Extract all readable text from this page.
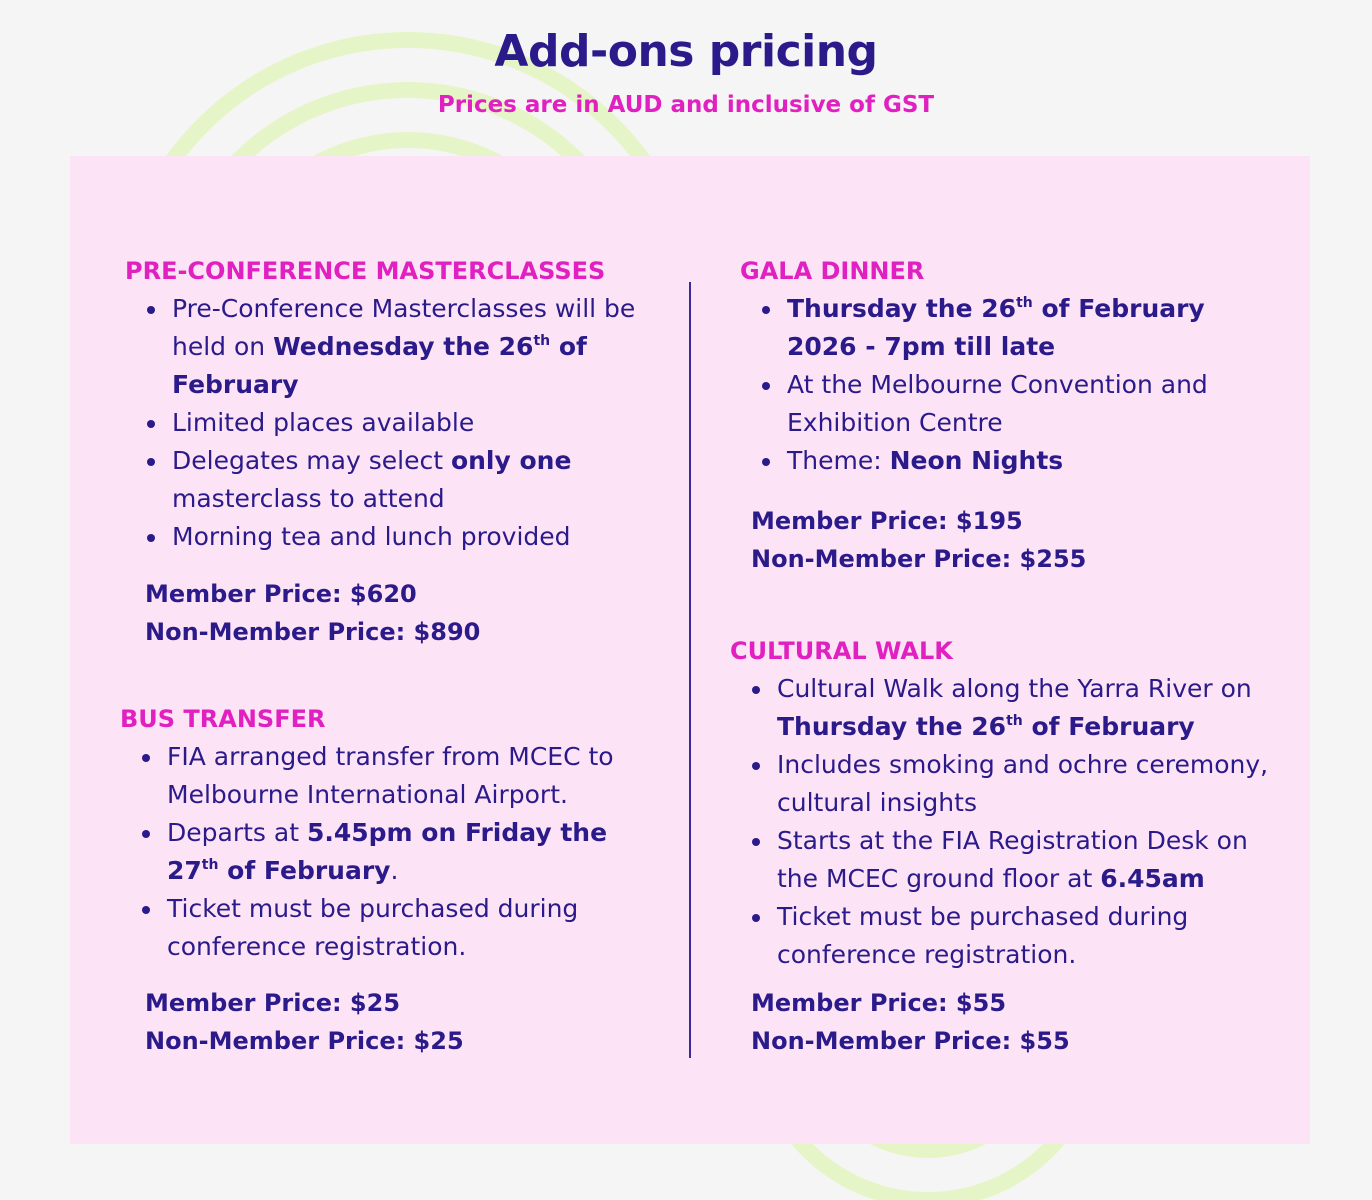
Add-ons pricing
Prices are in AUD and inclusive of GST
PRE-CONFERENCE MASTERCLASSES
Pre-Conference Masterclasses will be held on Wednesday the 26th of February
Limited places available
Delegates may select only one masterclass to attend
Morning tea and lunch provided
Member Price: $620
Non-Member Price: $890
BUS TRANSFER
FIA arranged transfer from MCEC to Melbourne International Airport.
Departs at 5.45pm on Friday the 27th of February.
Ticket must be purchased during conference registration.
Member Price: $25
Non-Member Price: $25
GALA DINNER
Thursday the 26th of February 2026 - 7pm till late
At the Melbourne Convention and Exhibition Centre
Theme: Neon Nights
Member Price: $195
Non-Member Price: $255
CULTURAL WALK
Cultural Walk along the Yarra River on Thursday the 26th of February
Includes smoking and ochre ceremony, cultural insights
Starts at the FIA Registration Desk on the MCEC ground floor at 6.45am
Ticket must be purchased during conference registration.
Member Price: $55
Non-Member Price: $55
